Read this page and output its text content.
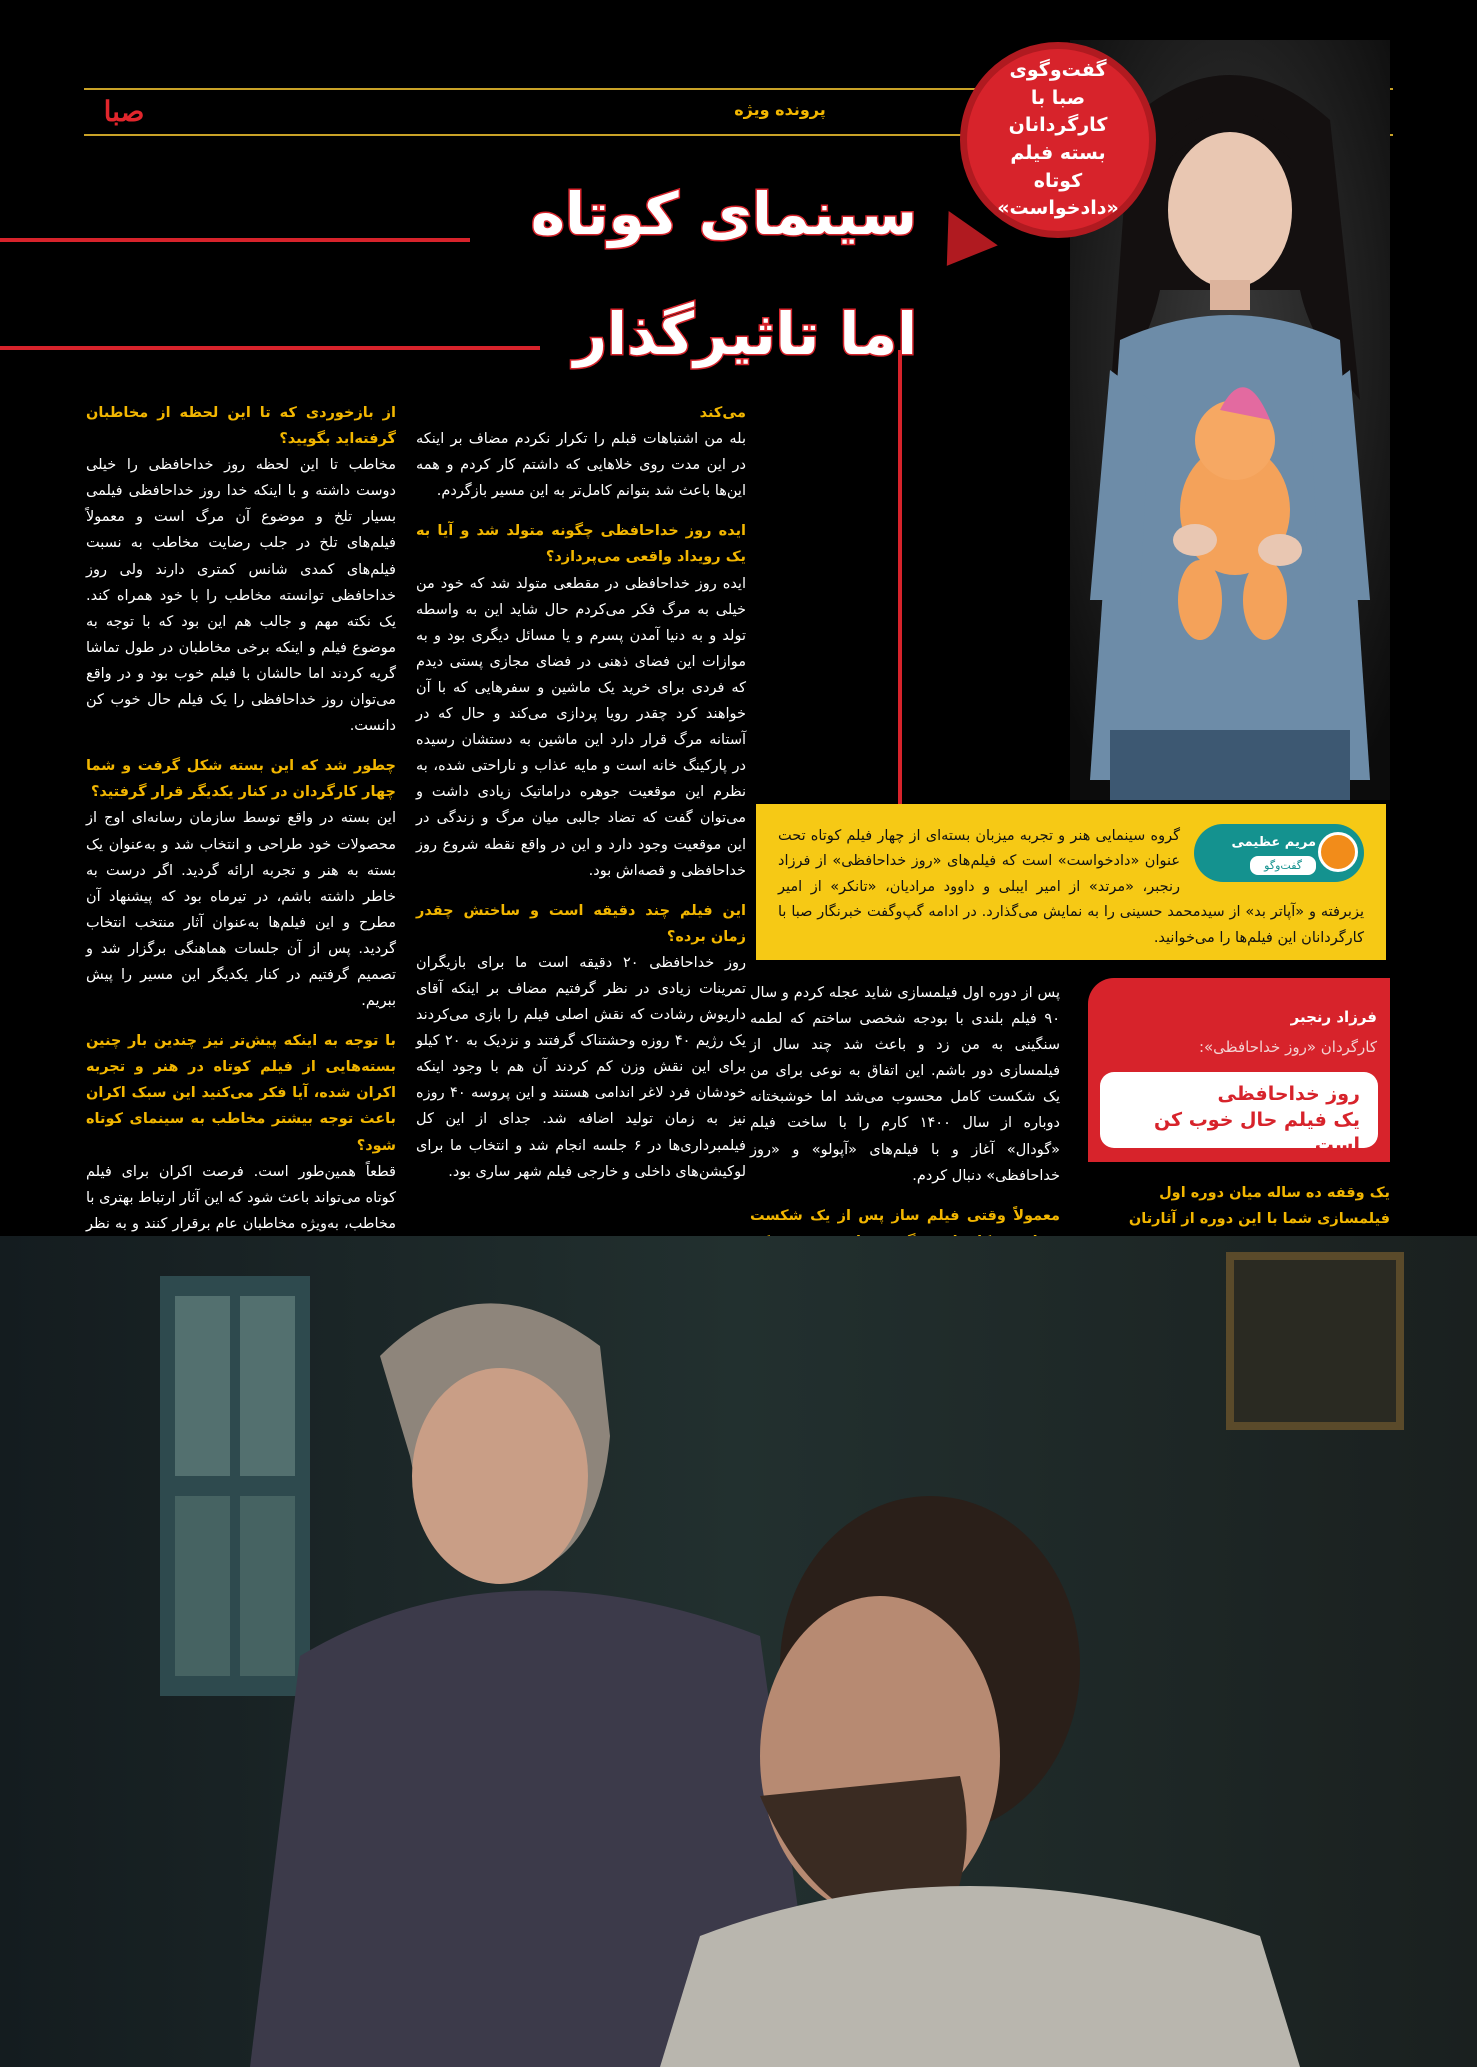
پرونده ویژه
صبا
گفت‌وگوی
صبا با کارگردانان
بسته فیلم کوتاه
«دادخواست»
سینمای کوتاه
اما تاثیرگذار
از بازخوردی که تا این لحظه از مخاطبان گرفته‌اید بگویید؟

مخاطب تا این لحظه روز خداحافظی را خیلی دوست داشته و با اینکه خدا روز خداحافظی فیلمی بسیار تلخ و موضوع آن مرگ است و معمولاً فیلم‌های تلخ در جلب رضایت مخاطب به نسبت فیلم‌های کمدی شانس کمتری دارند ولی روز خداحافظی توانسته مخاطب را با خود همراه کند. یک نکته مهم و جالب هم این بود که با توجه به موضوع فیلم و اینکه برخی مخاطبان در طول تماشا گریه کردند اما حالشان با فیلم خوب بود و در واقع می‌توان روز خداحافظی را یک فیلم حال خوب کن دانست.

چطور شد که این بسته شکل گرفت و شما چهار کارگردان در کنار یکدیگر قرار گرفتید؟

این بسته در واقع توسط سازمان رسانه‌ای اوج از محصولات خود طراحی و انتخاب شد و به‌عنوان یک بسته به هنر و تجربه ارائه گردید. اگر درست به خاطر داشته باشم، در تیرماه بود که پیشنهاد آن مطرح و این فیلم‌ها به‌عنوان آثار منتخب انتخاب گردید. پس از آن جلسات هماهنگی برگزار شد و تصمیم گرفتیم در کنار یکدیگر این مسیر را پیش ببریم.

با توجه به اینکه پیش‌تر نیز چندین بار چنین بسته‌هایی از فیلم کوتاه در هنر و تجربه اکران شده، آیا فکر می‌کنید این سبک اکران باعث توجه بیشتر مخاطب به سینمای کوتاه شود؟

قطعاً همین‌طور است. فرصت اکران برای فیلم کوتاه می‌تواند باعث شود که این آثار ارتباط بهتری با مخاطب، به‌ویژه مخاطبان عام برقرار کنند و به نظر

می‌کند

بله من اشتباهات قبلم را تکرار نکردم مضاف بر اینکه در این مدت روی خلاهایی که داشتم کار کردم و همه این‌ها باعث شد بتوانم کامل‌تر به این مسیر بازگردم.

ایده روز خداحافظی چگونه متولد شد و آیا به یک رویداد واقعی می‌پردازد؟

ایده روز خداحافظی در مقطعی متولد شد که خود من خیلی به مرگ فکر می‌کردم حال شاید این به واسطه تولد و به دنیا آمدن پسرم و یا مسائل دیگری بود و به موازات این فضای ذهنی در فضای مجازی پستی دیدم که فردی برای خرید یک ماشین و سفرهایی که با آن خواهند کرد چقدر رویا پردازی می‌کند و حال که در آستانه مرگ قرار دارد این ماشین به دستشان رسیده در پارکینگ خانه است و مایه عذاب و ناراحتی شده، به نظرم این موقعیت جوهره دراماتیک زیادی داشت و می‌توان گفت که تضاد جالبی میان مرگ و زندگی در این موقعیت وجود دارد و این در واقع نقطه شروع روز خداحافظی و قصه‌اش بود.

این فیلم چند دقیقه است و ساختش چقدر زمان برده؟

روز خداحافظی ۲۰ دقیقه است ما برای بازیگران تمرینات زیادی در نظر گرفتیم مضاف بر اینکه آقای داریوش رشادت که نقش اصلی فیلم را بازی می‌کردند یک رژیم ۴۰ روزه وحشتناک گرفتند و نزدیک به ۲۰ کیلو برای این نقش وزن کم کردند آن هم با وجود اینکه خودشان فرد لاغر اندامی هستند و این پروسه ۴۰ روزه نیز به زمان تولید اضافه شد. جدای از این کل فیلمبرداری‌ها در ۶ جلسه انجام شد و انتخاب ما برای لوکیشن‌های داخلی و خارجی فیلم شهر ساری بود.

مریم عظیمی
گفت‌وگو
گروه سینمایی هنر و تجربه میزبان بسته‌ای از چهار فیلم کوتاه تحت عنوان «دادخواست» است که فیلم‌های «روز خداحافظی» از فرزاد رنجبر، «مرتد» از امیر ایبلی و داوود مرادیان، «تانکر» از امیر یزبرفته و «آپاتر بد» از سیدمحمد حسینی را به نمایش می‌گذارد. در ادامه گپ‌وگفت خبرنگار صبا با کارگردانان این فیلم‌ها را می‌خوانید.

پس از دوره اول فیلمسازی شاید عجله کردم و سال ۹۰ فیلم بلندی با بودجه شخصی ساختم که لطمه سنگینی به من زد و باعث شد چند سال از فیلمسازی دور باشم. این اتفاق به نوعی برای من یک شکست کامل محسوب می‌شد اما خوشبختانه دوباره از سال ۱۴۰۰ کارم را با ساخت فیلم «گودال» آغاز و با فیلم‌های «آپولو» و «روز خداحافظی» دنبال کردم.

معمولاً وقتی فیلم ساز پس از یک شکست
فرزاد رنجبر
کارگردان «روز خداحافظی»:
روز خداحافظی
یک فیلم حال خوب کن است
یک وقفه ده ساله میان دوره اول فیلمسازی شما با این دوره از آثارتان
